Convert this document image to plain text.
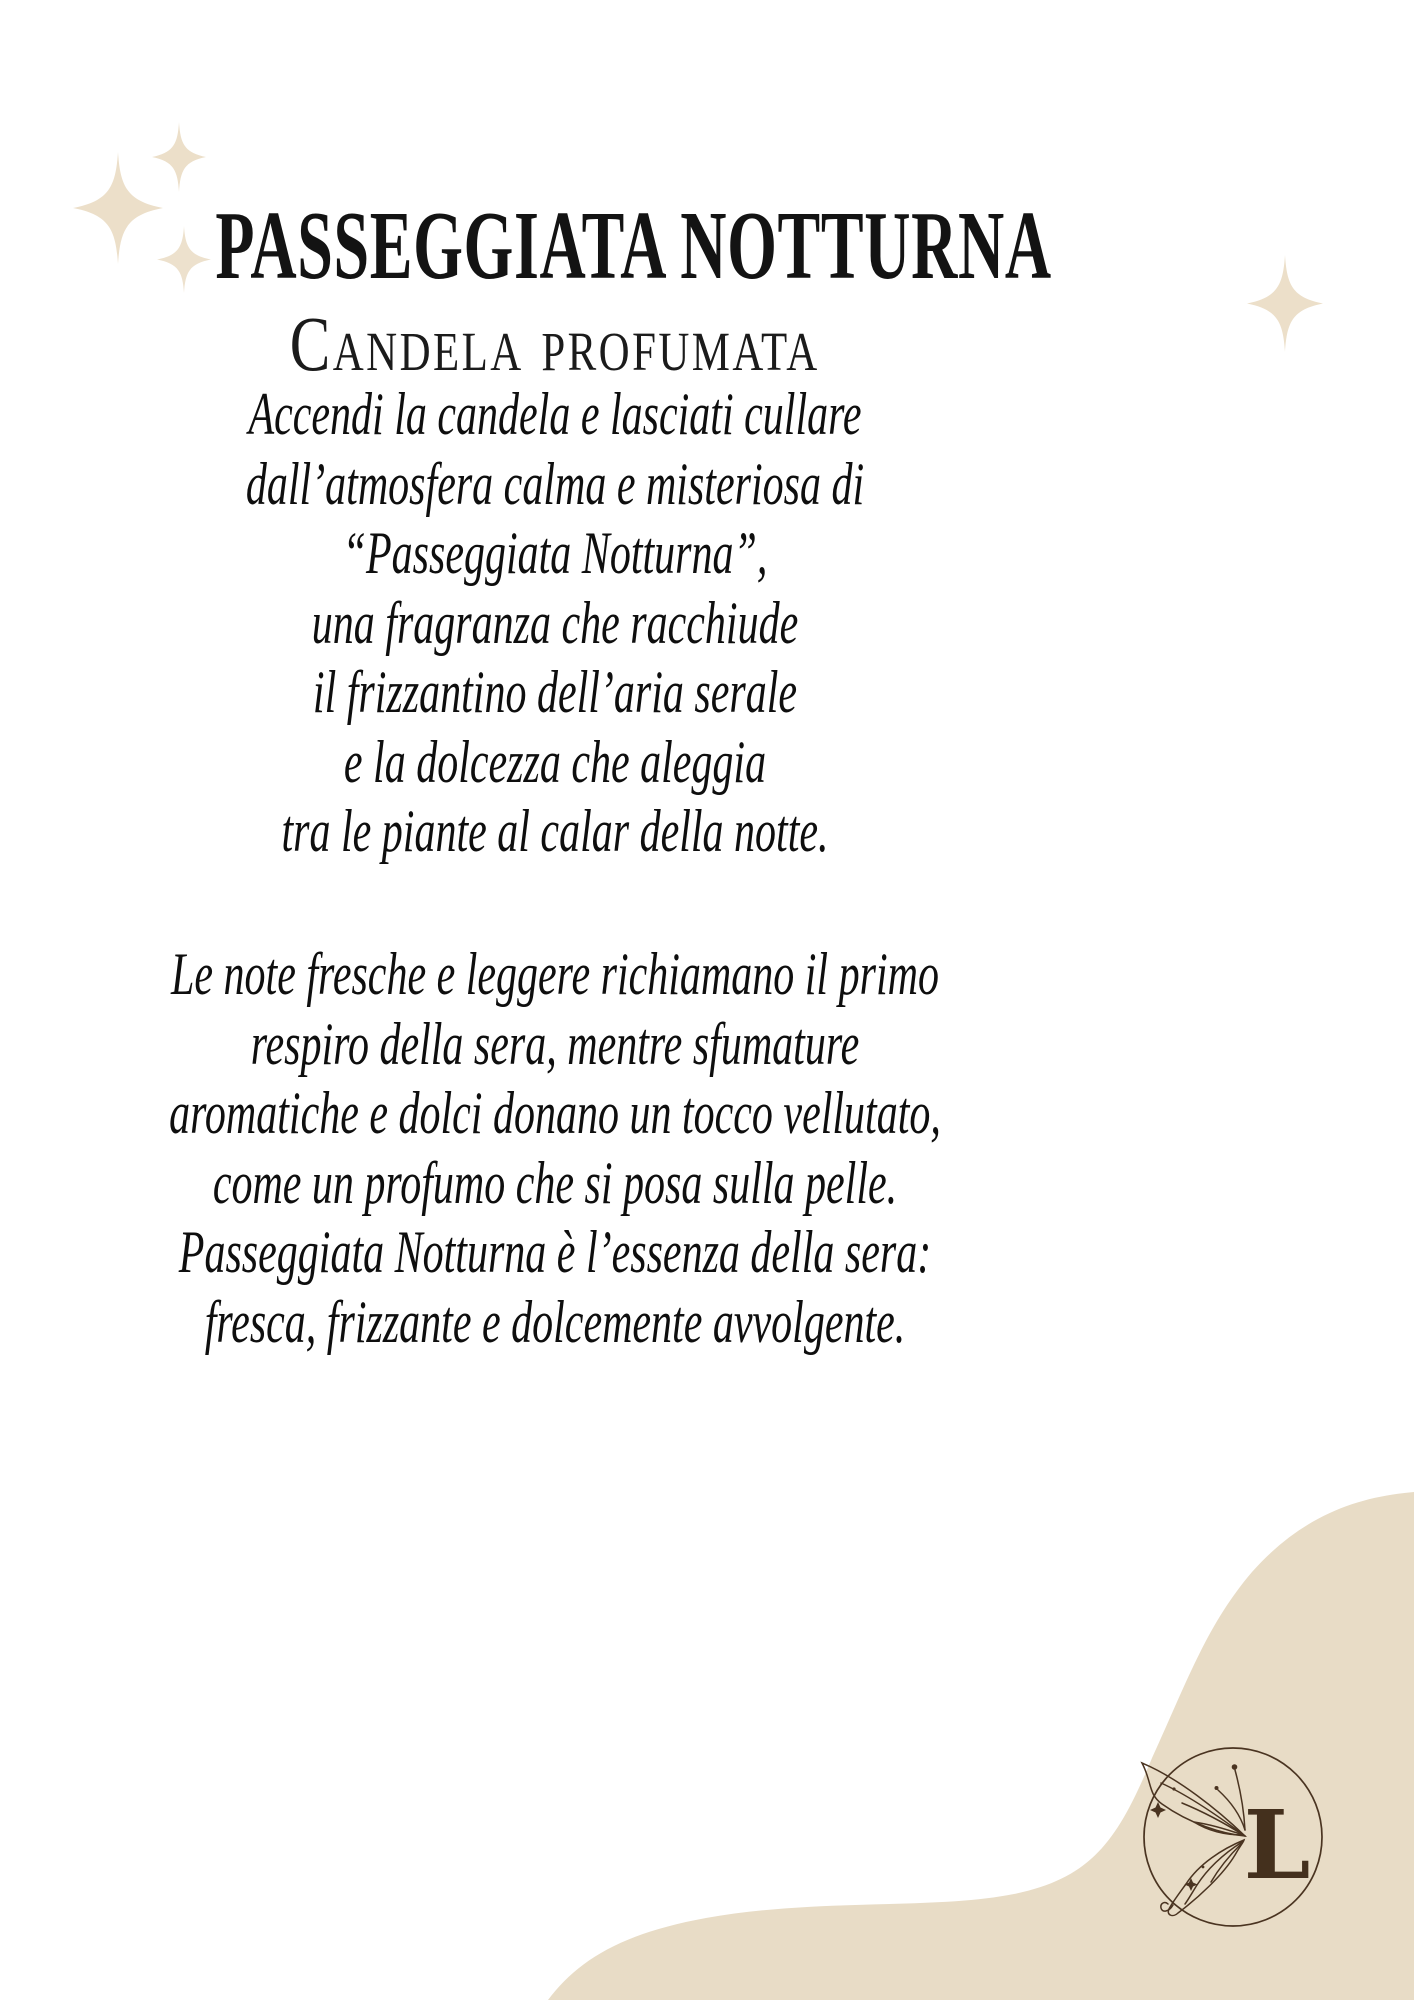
PASSEGGIATA NOTTURNA
Candela profumata
Accendi la candela e lasciati cullare
dall’atmosfera calma e misteriosa di
“Passeggiata Notturna”,
una fragranza che racchiude
il frizzantino dell’aria serale
e la dolcezza che aleggia
tra le piante al calar della notte.
Le note fresche e leggere richiamano il primo
respiro della sera, mentre sfumature
aromatiche e dolci donano un tocco vellutato,
come un profumo che si posa sulla pelle.
Passeggiata Notturna è l’essenza della sera:
fresca, frizzante e dolcemente avvolgente.
L
